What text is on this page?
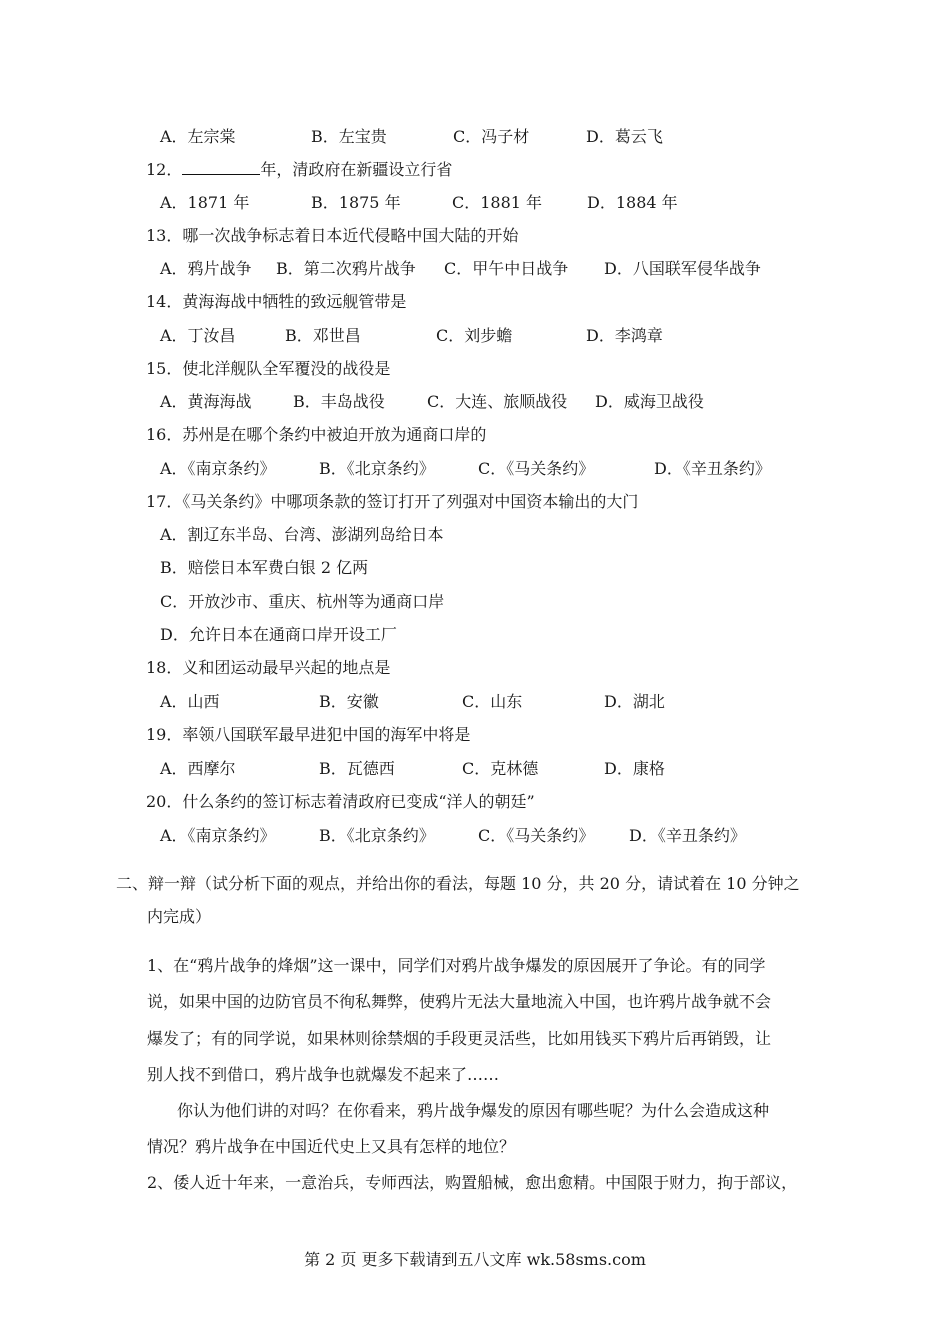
A．左宗棠	B．左宝贵	C．冯子材	D．葛云飞
12．	年，清政府在新疆设立行省
A．1871 年	B．1875 年	C．1881 年	D．1884 年
13．哪一次战争标志着日本近代侵略中国大陆的开始
A．鸦片战争 B．第二次鸦片战争 C．甲午中日战争 D．八国联军侵华战争
14．黄海海战中牺牲的致远舰管带是
A．丁汝昌	B．邓世昌	C．刘步蟾	D．李鸿章
15．使北洋舰队全军覆没的战役是
A．黄海海战	B．丰岛战役	C．大连、旅顺战役 D．威海卫战役
16．苏州是在哪个条约中被迫开放为通商口岸的
A．《南京条约》	B．《北京条约》	C．《马关条约》	D．《辛丑条约》
17．《马关条约》中哪项条款的签订打开了列强对中国资本输出的大门
A．割辽东半岛、台湾、澎湖列岛给日本
B．赔偿日本军费白银 2 亿两
C．开放沙市、重庆、杭州等为通商口岸
D．允许日本在通商口岸开设工厂
18．义和团运动最早兴起的地点是
A．山西	B．安徽	C．山东	D．湖北
19．率领八国联军最早进犯中国的海军中将是
A．西摩尔	B．瓦德西	C．克林德	D．康格
20．什么条约的签订标志着清政府已变成“洋人的朝廷”
A．《南京条约》	B．《北京条约》	C．《马关条约》 D．《辛丑条约》
二、辩一辩（试分析下面的观点，并给出你的看法，每题 10 分，共 20 分，请试着在 10 分钟之
内完成）
1、在“鸦片战争的烽烟”这一课中，同学们对鸦片战争爆发的原因展开了争论。有的同学
说，如果中国的边防官员不徇私舞弊，使鸦片无法大量地流入中国，也许鸦片战争就不会
爆发了；有的同学说，如果林则徐禁烟的手段更灵活些，比如用钱买下鸦片后再销毁，让
别人找不到借口，鸦片战争也就爆发不起来了……
你认为他们讲的对吗？在你看来，鸦片战争爆发的原因有哪些呢？为什么会造成这种
情况？鸦片战争在中国近代史上又具有怎样的地位？
2、倭人近十年来，一意治兵，专师西法，购置船械，愈出愈精。中国限于财力，拘于部议，
第 2 页 更多下载请到五八文库 wk.58sms.com
